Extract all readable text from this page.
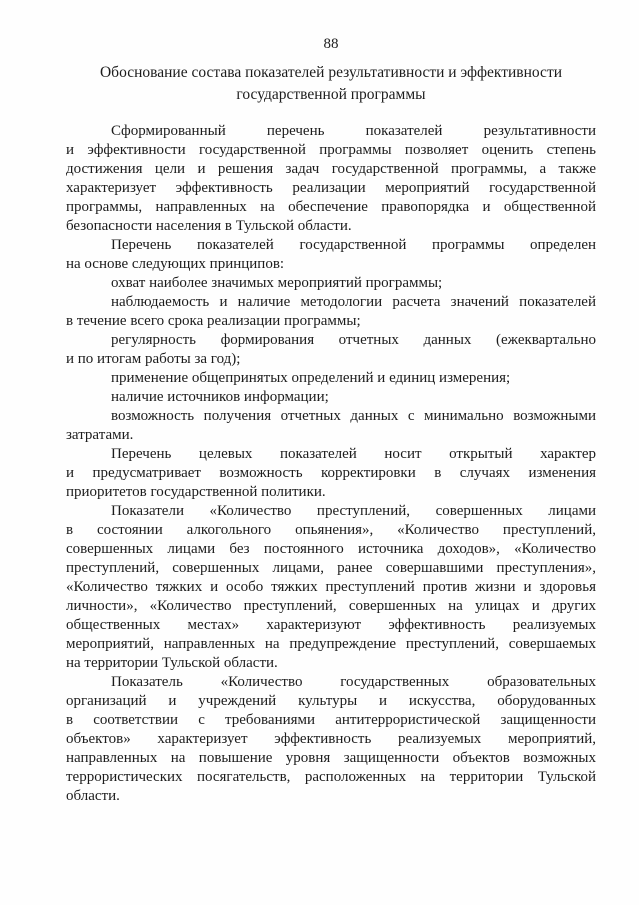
88
Обоснование состава показателей результативности и эффективности
государственной программы
Сформированный перечень показателей результативности
и эффективности государственной программы позволяет оценить степень
достижения цели и решения задач государственной программы, а также
характеризует эффективность реализации мероприятий государственной
программы, направленных на обеспечение правопорядка и общественной
безопасности населения в Тульской области.
Перечень показателей государственной программы определен
на основе следующих принципов:
охват наиболее значимых мероприятий программы;
наблюдаемость и наличие методологии расчета значений показателей
в течение всего срока реализации программы;
регулярность формирования отчетных данных (ежеквартально
и по итогам работы за год);
применение общепринятых определений и единиц измерения;
наличие источников информации;
возможность получения отчетных данных с минимально возможными
затратами.
Перечень целевых показателей носит открытый характер
и предусматривает возможность корректировки в случаях изменения
приоритетов государственной политики.
Показатели «Количество преступлений, совершенных лицами
в состоянии алкогольного опьянения», «Количество преступлений,
совершенных лицами без постоянного источника доходов», «Количество
преступлений, совершенных лицами, ранее совершавшими преступления»,
«Количество тяжких и особо тяжких преступлений против жизни и здоровья
личности», «Количество преступлений, совершенных на улицах и других
общественных местах» характеризуют эффективность реализуемых
мероприятий, направленных на предупреждение преступлений, совершаемых
на территории Тульской области.
Показатель «Количество государственных образовательных
организаций и учреждений культуры и искусства, оборудованных
в соответствии с требованиями антитеррористической защищенности
объектов» характеризует эффективность реализуемых мероприятий,
направленных на повышение уровня защищенности объектов возможных
террористических посягательств, расположенных на территории Тульской
области.
